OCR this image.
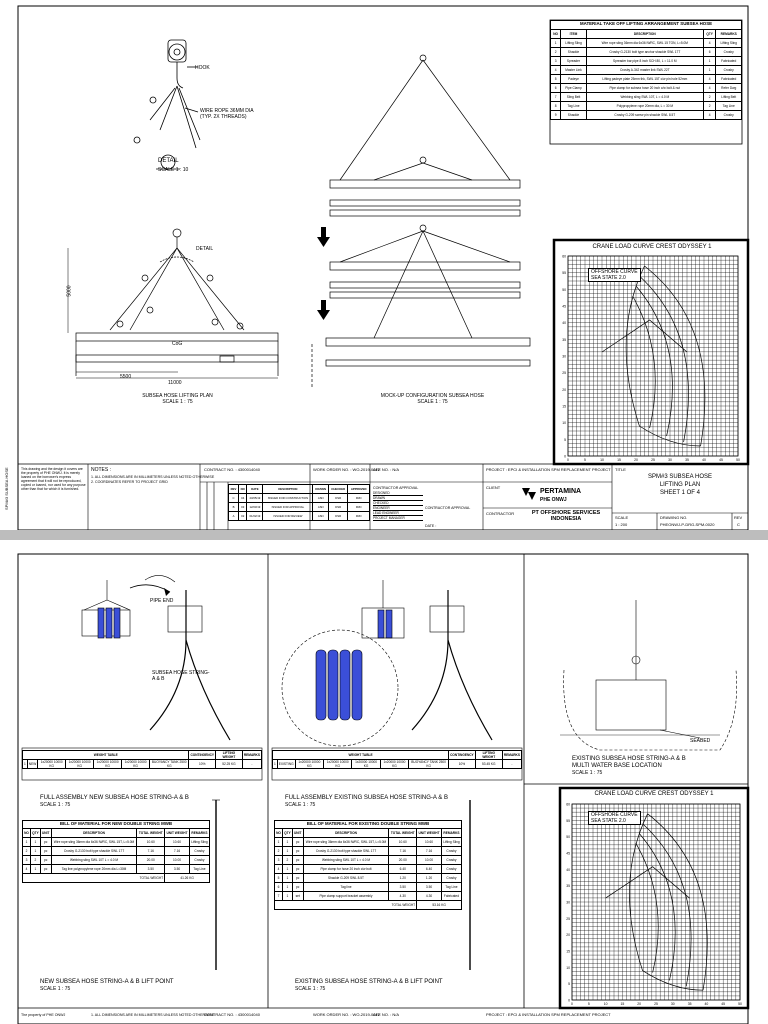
60
55
50
45
40
35
30
25
20
15
10
5
0
0	5	10	15	20	25	30	35	40	45	50
HOOK
WIRE ROPE 36MM DIA (TYP. 2X THREADS)
DETAIL
SCALE 1 : 10
DETAIL
5000
11000
5500
CoG
SUBSEA HOSE LIFTING PLAN
SCALE 1 : 75
MOCK-UP CONFIGURATION SUBSEA HOSE
SCALE 1 : 75
MATERIAL TAKE OFF LIFTING ARRANGEMENT SUBSEA HOSE
NO	ITEM	DESCRIPTION	QTY	REMARKS
1	Lifting Sling	Wire rope sling 36mm dia 6x36 IWRC, SWL 15 TON, L=5.0M	4	Lifting Sling
2	Shackle	Crosby G-2130 bolt type anchor shackle SWL 17T	6	Crosby
3	Spreader	Spreader bar pipe 8 inch SCH 80, L = 11.0 M	1	Fabricated
4	Master Link	Crosby A-342 master link SWL 22T	1	Crosby
5	Padeye	Lifting padeye plate 25mm thk, SWL 15T c/w pin hole 52mm	4	Fabricated
6	Pipe Clamp	Pipe clamp for subsea hose 20 inch c/w bolt & nut	4	Refer Dwg
7	Sling Belt	Webbing sling SWL 10T, L = 4.0 M	2	Lifting Belt
8	Tag Line	Polypropylene rope 20mm dia, L = 30 M	2	Tag Line
9	Shackle	Crosby G-209 screw pin shackle SWL 8.5T	4	Crosby
CRANE LOAD CURVE CREST ODYSSEY 1
OFFSHORE CURVE
SEA STATE 2.0
This drawing and the design it covers are the property of PHE ONWJ. It is merely loaned on the borrower's express agreement that it will not be reproduced, copied or loaned, nor used for any purpose other than that for which it is furnished.
NOTES :
1. ALL DIMENSIONS ARE IN MILLIMETERS UNLESS NOTED OTHERWISE
2. COORDINATES REFER TO PROJECT GRID
CONTRACT NO. : 4300014040	WORK ORDER NO. : WO-2019-0012
AFE NO. : N/A	PROJECT : EPCI & INSTALLATION SPM REPLACEMENT PROJECT
CLIENT
CONTRACTOR
PERTAMINA
PHE ONWJ
PT OFFSHORE SERVICES INDONESIA
TITLE
SPM#3 SUBSEA HOSE
LIFTING PLAN
SHEET 1 OF 4
SCALE
1 : 200
DRAWING NO.
PHEONWJ-P-DRG-SPM-0020
REV
C
REV	NO	DATE	DESCRIPTION	DRAWN	CHECKED	APPROVED
C	04	23/05/19	ISSUED FOR CONSTRUCTION	ASN	DSR	FRD
B	03	12/03/19	ISSUED FOR APPROVAL	ASN	DSR	FRD
A	02	01/02/19	ISSUED FOR REVIEW	ASN	DSR	FRD
CONTRACTOR APPROVAL
DESIGNED
DRAWN
CHECKED
ENGINEER
LEAD ENGINEER
PROJECT MANAGER
CONTRACTOR APPROVAL
DATE :
SPM#3 SUBSEA HOSE
60
55
50
45
40
35
30
25
20
15
10
5
0
0	5	10	15	20	25	30	35	40	45	50
WEIGHT TABLE							CONTINGENCY	LIFTING WEIGHT	REMARKS
1	NEW	1x20000 10000 KG	1x20000 10000 KG	1x20000 10000 KG	1x20000 10000 KG	BUOYANCY TANK 2500 KG	10%	52.25 KG	-
WEIGHT TABLE							CONTINGENCY	LIFTING WEIGHT	REMARKS
1	EXISTING	1x20000 10000 KG	1x20000 10000 KG	1x20000 10000 KG	1x20000 10000 KG	BUOYANCY TANK 2500 KG	10%	53.45 KG	-
FULL ASSEMBLY NEW SUBSEA HOSE STRING-A & B
SCALE 1 : 75
FULL ASSEMBLY EXISTING SUBSEA HOSE STRING-A & B
SCALE 1 : 75
BILL OF MATERIAL FOR NEW DOUBLE STRING MWB
NO	QTY	UNIT	DESCRIPTION	TOTAL WEIGHT	UNIT WEIGHT	REMARKS
1	1	pc	Wire rope sling 36mm dia 6x36 IWRC, SWL 15T, L=5.0M	10.60	10.60	Lifting Sling
2	1	pc	Crosby G-2130 bolt type shackle SWL 17T	7.16	7.16	Crosby
3	2	pc	Webbing sling SWL 10T L = 4.0 M	20.00	10.00	Crosby
4	1	pc	Tag line polypropylene rope 20mm dia L=30M	3.50	3.50	Tag Line
TOTAL WEIGHT					41.26 KG	
BILL OF MATERIAL FOR EXISTING DOUBLE STRING MWB
NO	QTY	UNIT	DESCRIPTION	TOTAL WEIGHT	UNIT WEIGHT	REMARKS
1	1	pc	Wire rope sling 36mm dia 6x36 IWRC, SWL 15T, L=5.0M	10.60	10.60	Lifting Sling
2	1	pc	Crosby G-2130 bolt type shackle SWL 17T	7.16	7.16	Crosby
3	2	pc	Webbing sling SWL 10T L = 4.0 M	20.00	10.00	Crosby
4	1	pc	Pipe clamp for hose 20 inch c/w bolt	6.40	6.40	Crosby
5	1	pc	Shackle G-209 SWL 8.5T	1.20	1.20	Crosby
6	1	pc	Tag line	3.50	3.50	Tag Line
7	1	set	Pipe clamp support bracket assembly	4.30	4.30	Fabricated
TOTAL WEIGHT					53.16 KG	
NEW SUBSEA HOSE STRING-A & B LIFT POINT
SCALE 1 : 75
EXISTING SUBSEA HOSE STRING-A & B LIFT POINT
SCALE 1 : 75
EXISTING SUBSEA HOSE STRING-A & B
MULTI WATER BASE LOCATION
SCALE 1 : 75
SEABED
SUBSEA HOSE STRING-A & B
PIPE END
CRANE LOAD CURVE CREST ODYSSEY 1
OFFSHORE CURVE
SEA STATE 2.0
The property of PHE ONWJ	1. ALL DIMENSIONS ARE IN MILLIMETERS UNLESS NOTED OTHERWISE
CONTRACT NO. : 4300014040	WORK ORDER NO. : WO-2019-0012
AFE NO. : N/A	PROJECT : EPCI & INSTALLATION SPM REPLACEMENT PROJECT
